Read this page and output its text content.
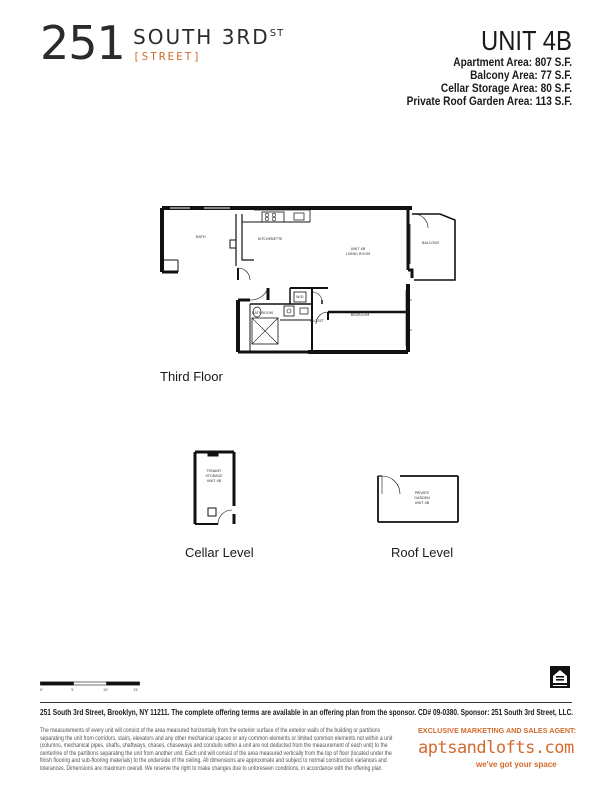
251 SOUTH $3RD^{ST}$
[STREET]
UNIT 4B
Apartment Area: 807 S.F.
Balcony Area: 77 S.F.
Cellar Storage Area: 80 S.F.
Private Roof Garden Area: 113 S.F.
BATH	KITCHENETTE
UNIT 4B
LIVING ROOM
BALCONY
W/D
CLOSET
BATHROOM	BEDROOM
Third Floor
TENANT
STORAGE
UNIT 4B
Cellar Level
PRIVATE
GARDEN
UNIT 4B
Roof Level
0'	5'	10'	15'
251 South 3rd Street, Brooklyn, NY 11211. The complete offering terms are available in an offering plan from the sponsor. CD# 09-0380. Sponsor: 251 South 3rd Street, LLC.
The measurements of every unit will consist of the area measured horizontally from the exterior surface of the exterior walls of the building or partitions separating the unit from corridors, stairs, elevators and any other mechanical spaces or any common elements or limited common elements not within a unit (columns, mechanical pipes, shafts, shaftways, chases, chaseways and conduits within a unit are not deducted from the measurement of each unit) to the centerline of the partitions separating the unit from another unit. Each unit will consist of the area measured vertically from the top of floor (located under the finish flooring and sub-flooring materials) to the underside of the ceiling. All dimensions are approximate and subject to normal construction variances and tolerances. Dimensions are maximum overall. We reserve the right to make changes due to unforeseen conditions, in accordance with the offering plan.
EXCLUSIVE MARKETING AND SALES AGENT:
aptsandlofts.com
we've got your space
